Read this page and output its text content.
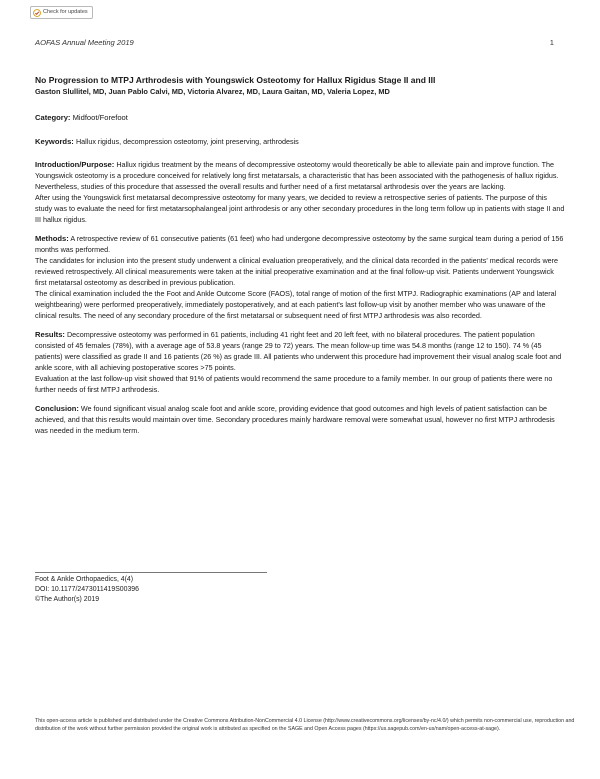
Check for updates
AOFAS Annual Meeting 2019	1

No Progression to MTPJ Arthrodesis with Youngswick Osteotomy for Hallux Rigidus Stage II and III

Gaston Slullitel, MD, Juan Pablo Calvi, MD, Victoria Alvarez, MD, Laura Gaitan, MD, Valeria Lopez, MD

Category: Midfoot/Forefoot

Keywords: Hallux rigidus, decompression osteotomy, joint preserving, arthrodesis

Introduction/Purpose: Hallux rigidus treatment by the means of decompressive osteotomy would theoretically be able to alleviate pain and improve function. The Youngswick osteotomy is a procedure conceived for relatively long first metatarsals, a characteristic that has been associated with the pathogenesis of hallux rigidus. Nevertheless, studies of this procedure that assessed the overall results and further need of a first metatarsal arthrodesis over the years are lacking.

After using the Youngswick first metatarsal decompressive osteotomy for many years, we decided to review a retrospective series of patients. The purpose of this study was to evaluate the need for first metatarsophalangeal joint arthrodesis or any other secondary procedures in the long term follow up in patients with stage II and III hallux rigidus.

Methods: A retrospective review of 61 consecutive patients (61 feet) who had undergone decompressive osteotomy by the same surgical team during a period of 156 months was performed.

The candidates for inclusion into the present study underwent a clinical evaluation preoperatively, and the clinical data recorded in the patients' medical records were reviewed retrospectively. All clinical measurements were taken at the initial preoperative examination and at the final follow-up visit. Patients underwent Youngswick first metatarsal osteotomy as described in previous publication.

The clinical examination included the the Foot and Ankle Outcome Score (FAOS), total range of motion of the first MTPJ. Radiographic examinations (AP and lateral weightbearing) were performed preoperatively, immediately postoperatively, and at each patient's last follow-up visit by another member who was unaware of the clinical results. The need of any secondary procedure of the first metatarsal or subsequent need of first MTPJ arthrodesis was also recorded.

Results: Decompressive osteotomy was performed in 61 patients, including 41 right feet and 20 left feet, with no bilateral procedures. The patient population consisted of 45 females (78%), with a average age of 53.8 years (range 29 to 72) years. The mean follow-up time was 54.8 months (range 12 to 150). 74 % (45 patients) were classified as grade II and 16 patients (26 %) as grade III. All patients who underwent this procedure had improvement their visual analog scale foot and ankle score, with all achieving postoperative scores >75 points.

Evaluation at the last follow-up visit showed that 91% of patients would recommend the same procedure to a family member. In our group of patients there were no further needs of first MTPJ arthrodesis.

Conclusion: We found significant visual analog scale foot and ankle score, providing evidence that good outcomes and high levels of patient satisfaction can be achieved, and that this results would maintain over time. Secondary procedures mainly hardware removal were somewhat usual, however no first MTPJ arthrodesis was needed in the medium term.

Foot & Ankle Orthopaedics, 4(4)
DOI: 10.1177/2473011419S00396
©The Author(s) 2019
This open-access article is published and distributed under the Creative Commons Attribution-NonCommercial 4.0 License (http://www.creativecommons.org/licenses/by-nc/4.0/) which permits non-commercial use, reproduction and distribution of the work without further permission provided the original work is attributed as specified on the SAGE and Open Access pages (https://us.sagepub.com/en-us/nam/open-access-at-sage).
